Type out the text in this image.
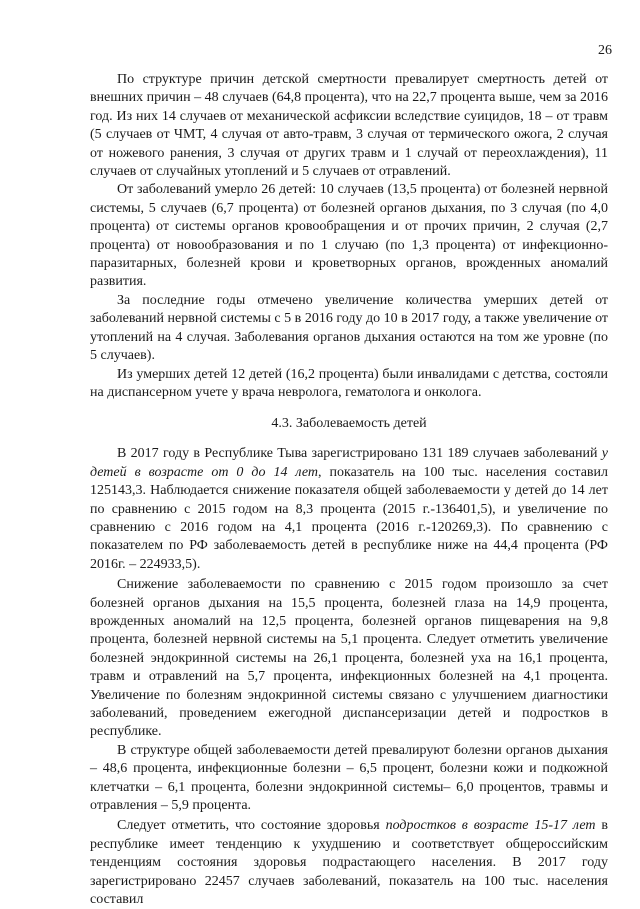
26

По структуре причин детской смертности превалирует смертность детей от внешних причин – 48 случаев (64,8 процента), что на 22,7 процента выше, чем за 2016 год. Из них 14 случаев от механической асфиксии вследствие суицидов, 18 – от травм (5 случаев от ЧМТ, 4 случая от авто-травм, 3 случая от термического ожога, 2 случая от ножевого ранения, 3 случая от других травм и 1 случай от переохлаждения), 11 случаев от случайных утоплений и 5 случаев от отравлений.

От заболеваний умерло 26 детей: 10 случаев (13,5 процента) от болезней нервной системы, 5 случаев (6,7 процента) от болезней органов дыхания, по 3 случая (по 4,0 процента) от системы органов кровообращения и от прочих причин, 2 случая (2,7 процента) от новообразования и по 1 случаю (по 1,3 процента) от инфекционно-паразитарных, болезней крови и кроветворных органов, врожденных аномалий развития.

За последние годы отмечено увеличение количества умерших детей от заболеваний нервной системы с 5 в 2016 году до 10 в 2017 году, а также увеличение от утоплений на 4 случая. Заболевания органов дыхания остаются на том же уровне (по 5 случаев).

Из умерших детей 12 детей (16,2 процента) были инвалидами с детства, состояли на диспансерном учете у врача невролога, гематолога и онколога.

4.3. Заболеваемость детей

В 2017 году в Республике Тыва зарегистрировано 131 189 случаев заболеваний у детей в возрасте от 0 до 14 лет, показатель на 100 тыс. населения составил 125143,3. Наблюдается снижение показателя общей заболеваемости у детей до 14 лет по сравнению с 2015 годом на 8,3 процента (2015 г.-136401,5), и увеличение по сравнению с 2016 годом на 4,1 процента (2016 г.-120269,3). По сравнению с показателем по РФ заболеваемость детей в республике ниже на 44,4 процента (РФ 2016г. – 224933,5).

Снижение заболеваемости по сравнению с 2015 годом произошло за счет болезней органов дыхания на 15,5 процента, болезней глаза на 14,9 процента, врожденных аномалий на 12,5 процента, болезней органов пищеварения на 9,8 процента, болезней нервной системы на 5,1 процента. Следует отметить увеличение болезней эндокринной системы на 26,1 процента, болезней уха на 16,1 процента, травм и отравлений на 5,7 процента, инфекционных болезней на 4,1 процента. Увеличение по болезням эндокринной системы связано с улучшением диагностики заболеваний, проведением ежегодной диспансеризации детей и подростков в республике.

В структуре общей заболеваемости детей превалируют болезни органов дыхания – 48,6 процента, инфекционные болезни – 6,5 процент, болезни кожи и подкожной клетчатки – 6,1 процента, болезни эндокринной системы– 6,0 процентов, травмы и отравления – 5,9 процента.

Следует отметить, что состояние здоровья подростков в возрасте 15-17 лет в республике имеет тенденцию к ухудшению и соответствует общероссийским тенденциям состояния здоровья подрастающего населения. В 2017 году зарегистрировано 22457 случаев заболеваний, показатель на 100 тыс. населения составил
